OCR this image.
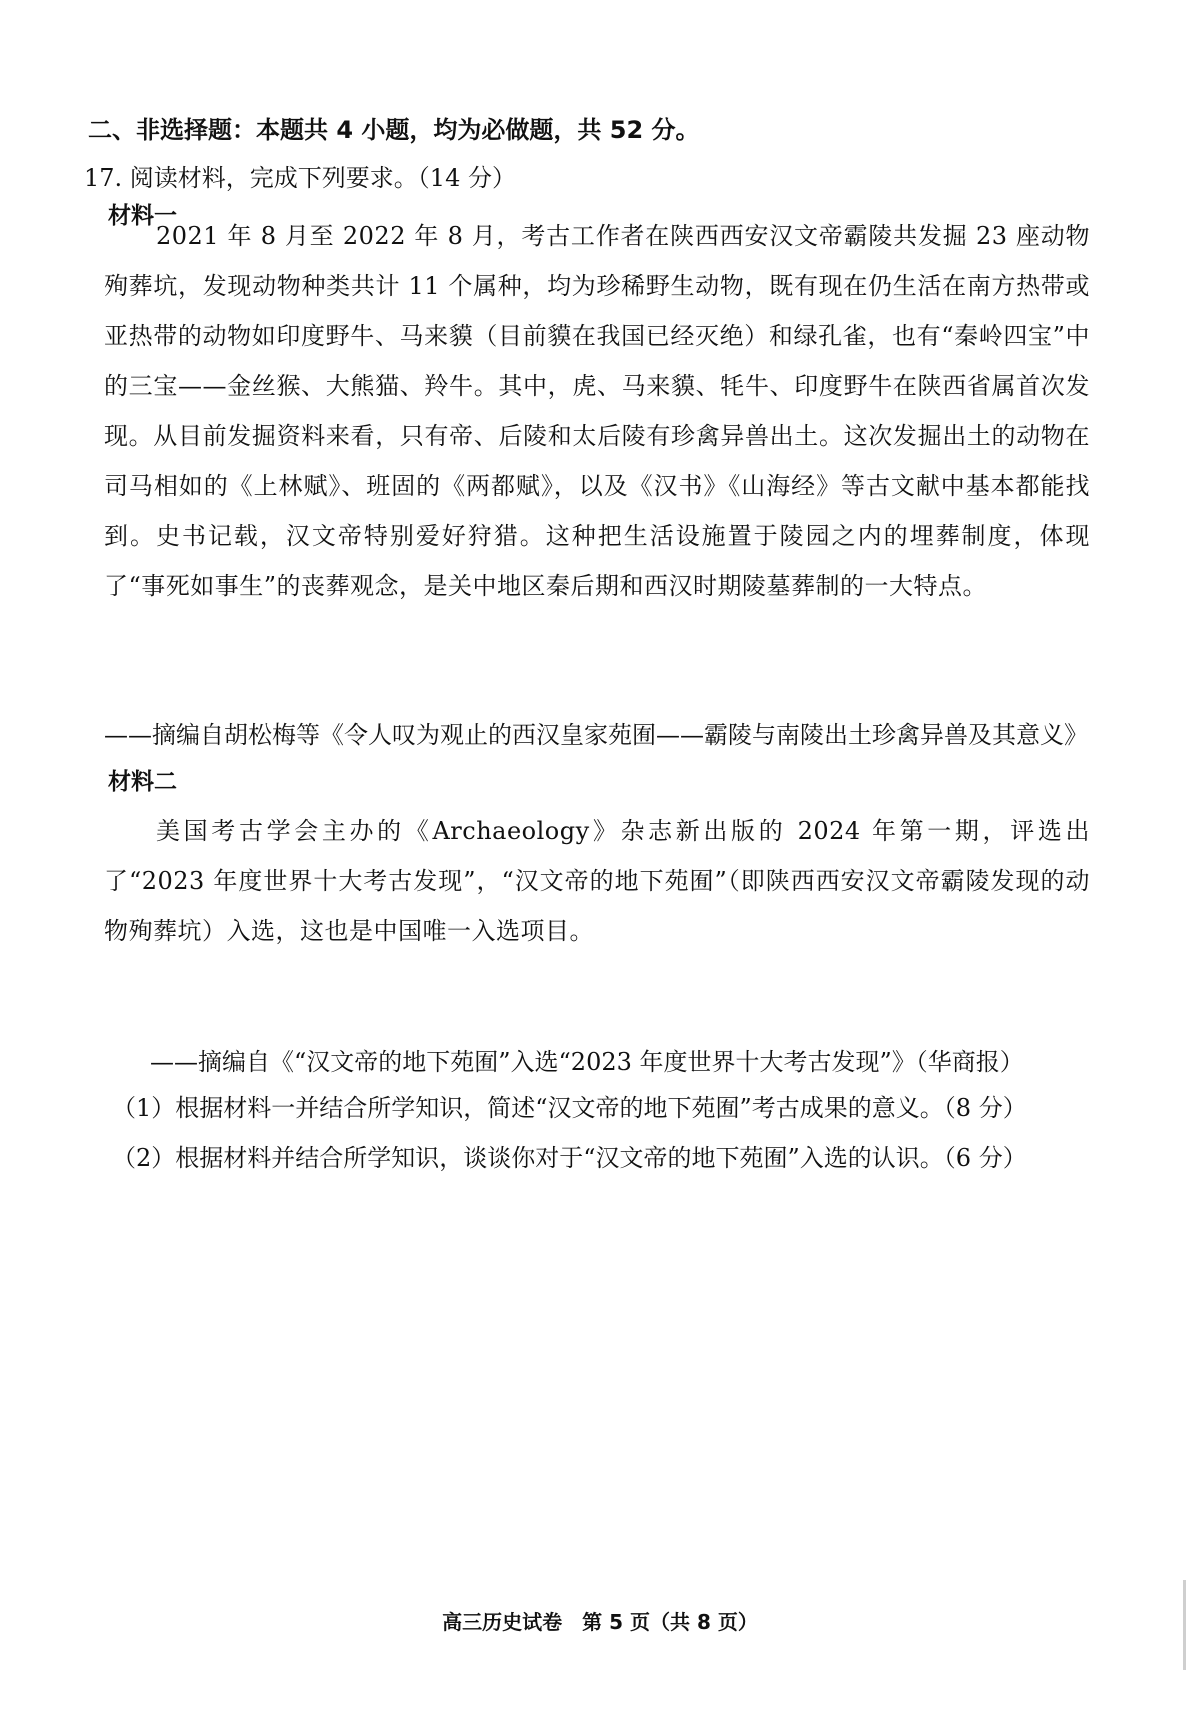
二、非选择题：本题共 4 小题，均为必做题，共 52 分。
17. 阅读材料，完成下列要求。（14 分）
材料一
2021 年 8 月至 2022 年 8 月，考古工作者在陕西西安汉文帝霸陵共发掘 23 座动物殉葬坑，发现动物种类共计 11 个属种，均为珍稀野生动物，既有现在仍生活在南方热带或亚热带的动物如印度野牛、马来貘（目前貘在我国已经灭绝）和绿孔雀，也有“秦岭四宝”中的三宝——金丝猴、大熊猫、羚牛。其中，虎、马来貘、牦牛、印度野牛在陕西省属首次发现。从目前发掘资料来看，只有帝、后陵和太后陵有珍禽异兽出土。这次发掘出土的动物在司马相如的《上林赋》、班固的《两都赋》，以及《汉书》《山海经》等古文献中基本都能找到。史书记载，汉文帝特别爱好狩猎。这种把生活设施置于陵园之内的埋葬制度，体现了“事死如事生”的丧葬观念，是关中地区秦后期和西汉时期陵墓葬制的一大特点。
——摘编自胡松梅等《令人叹为观止的西汉皇家苑囿——霸陵与南陵出土珍禽异兽及其意义》
材料二
美国考古学会主办的《Archaeology》杂志新出版的 2024 年第一期，评选出了“2023 年度世界十大考古发现”，“汉文帝的地下苑囿”（即陕西西安汉文帝霸陵发现的动物殉葬坑）入选，这也是中国唯一入选项目。
——摘编自《“汉文帝的地下苑囿”入选“2023 年度世界十大考古发现”》（华商报）
（1）根据材料一并结合所学知识，简述“汉文帝的地下苑囿”考古成果的意义。（8 分）
（2）根据材料并结合所学知识，谈谈你对于“汉文帝的地下苑囿”入选的认识。（6 分）
高三历史试卷　第 5 页（共 8 页）
